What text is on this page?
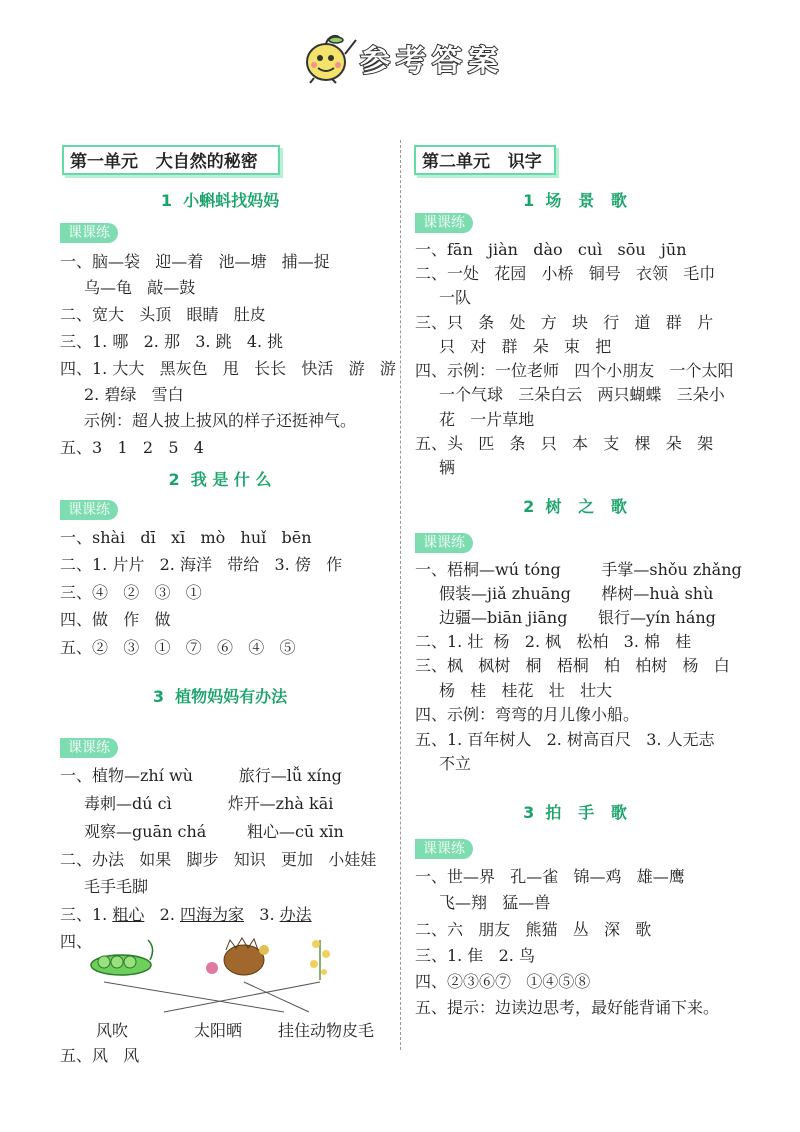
参考答案
第一单元   大自然的秘密
1  小蝌蚪找妈妈
课课练
一、脑—袋   迎—着   池—塘   捕—捉
乌—龟   敲—鼓
二、宽大   头顶   眼睛   肚皮
三、1. 哪   2. 那   3. 跳   4. 挑
四、1. 大大   黑灰色   甩   长长   快活   游   游
2. 碧绿   雪白
示例：超人披上披风的样子还挺神气。
五、3   1   2   5   4
2  我 是 什 么
课课练
一、shài   dī   xī   mò   huǐ   bēn
二、1. 片片   2. 海洋   带给   3. 傍   作
三、④   ②   ③   ①
四、做   作   做
五、②   ③   ①   ⑦   ⑥   ④   ⑤
3  植物妈妈有办法
课课练
一、植物—zhí wù         旅行—lǚ xíng
毒刺—dú cì           炸开—zhà kāi
观察—guān chá        粗心—cū xīn
二、办法   如果   脚步   知识   更加   小娃娃
毛手毛脚
三、1. 粗心   2. 四海为家   3. 办法
四、
风吹	太阳晒 挂住动物皮毛
五、风   风
第二单元   识字
1  场   景   歌
课课练
一、fān   jiàn   dào   cuì   sōu   jūn
二、一处   花园   小桥   铜号   衣领   毛巾
一队
三、只   条   处   方   块   行   道   群   片
只   对   群   朵   束   把
四、示例：一位老师   四个小朋友   一个太阳
一个气球   三朵白云   两只蝴蝶   三朵小
花   一片草地
五、头   匹   条   只   本   支   棵   朵   架
辆
2  树   之   歌
课课练
一、梧桐—wú tóng        手掌—shǒu zhǎng
假装—jiǎ zhuāng      桦树—huà shù
边疆—biān jiāng      银行—yín háng
二、1. 壮  杨   2. 枫   松柏   3. 棉   桂
三、枫   枫树   桐   梧桐   柏   柏树   杨   白
杨   桂   桂花   壮   壮大
四、示例：弯弯的月儿像小船。
五、1. 百年树人   2. 树高百尺   3. 人无志
不立
3  拍   手   歌
课课练
一、世—界   孔—雀   锦—鸡   雄—鹰
飞—翔   猛—兽
二、六   朋友   熊猫   丛   深   歌
三、1. 隹   2. 鸟
四、②③⑥⑦   ①④⑤⑧
五、提示：边读边思考，最好能背诵下来。
